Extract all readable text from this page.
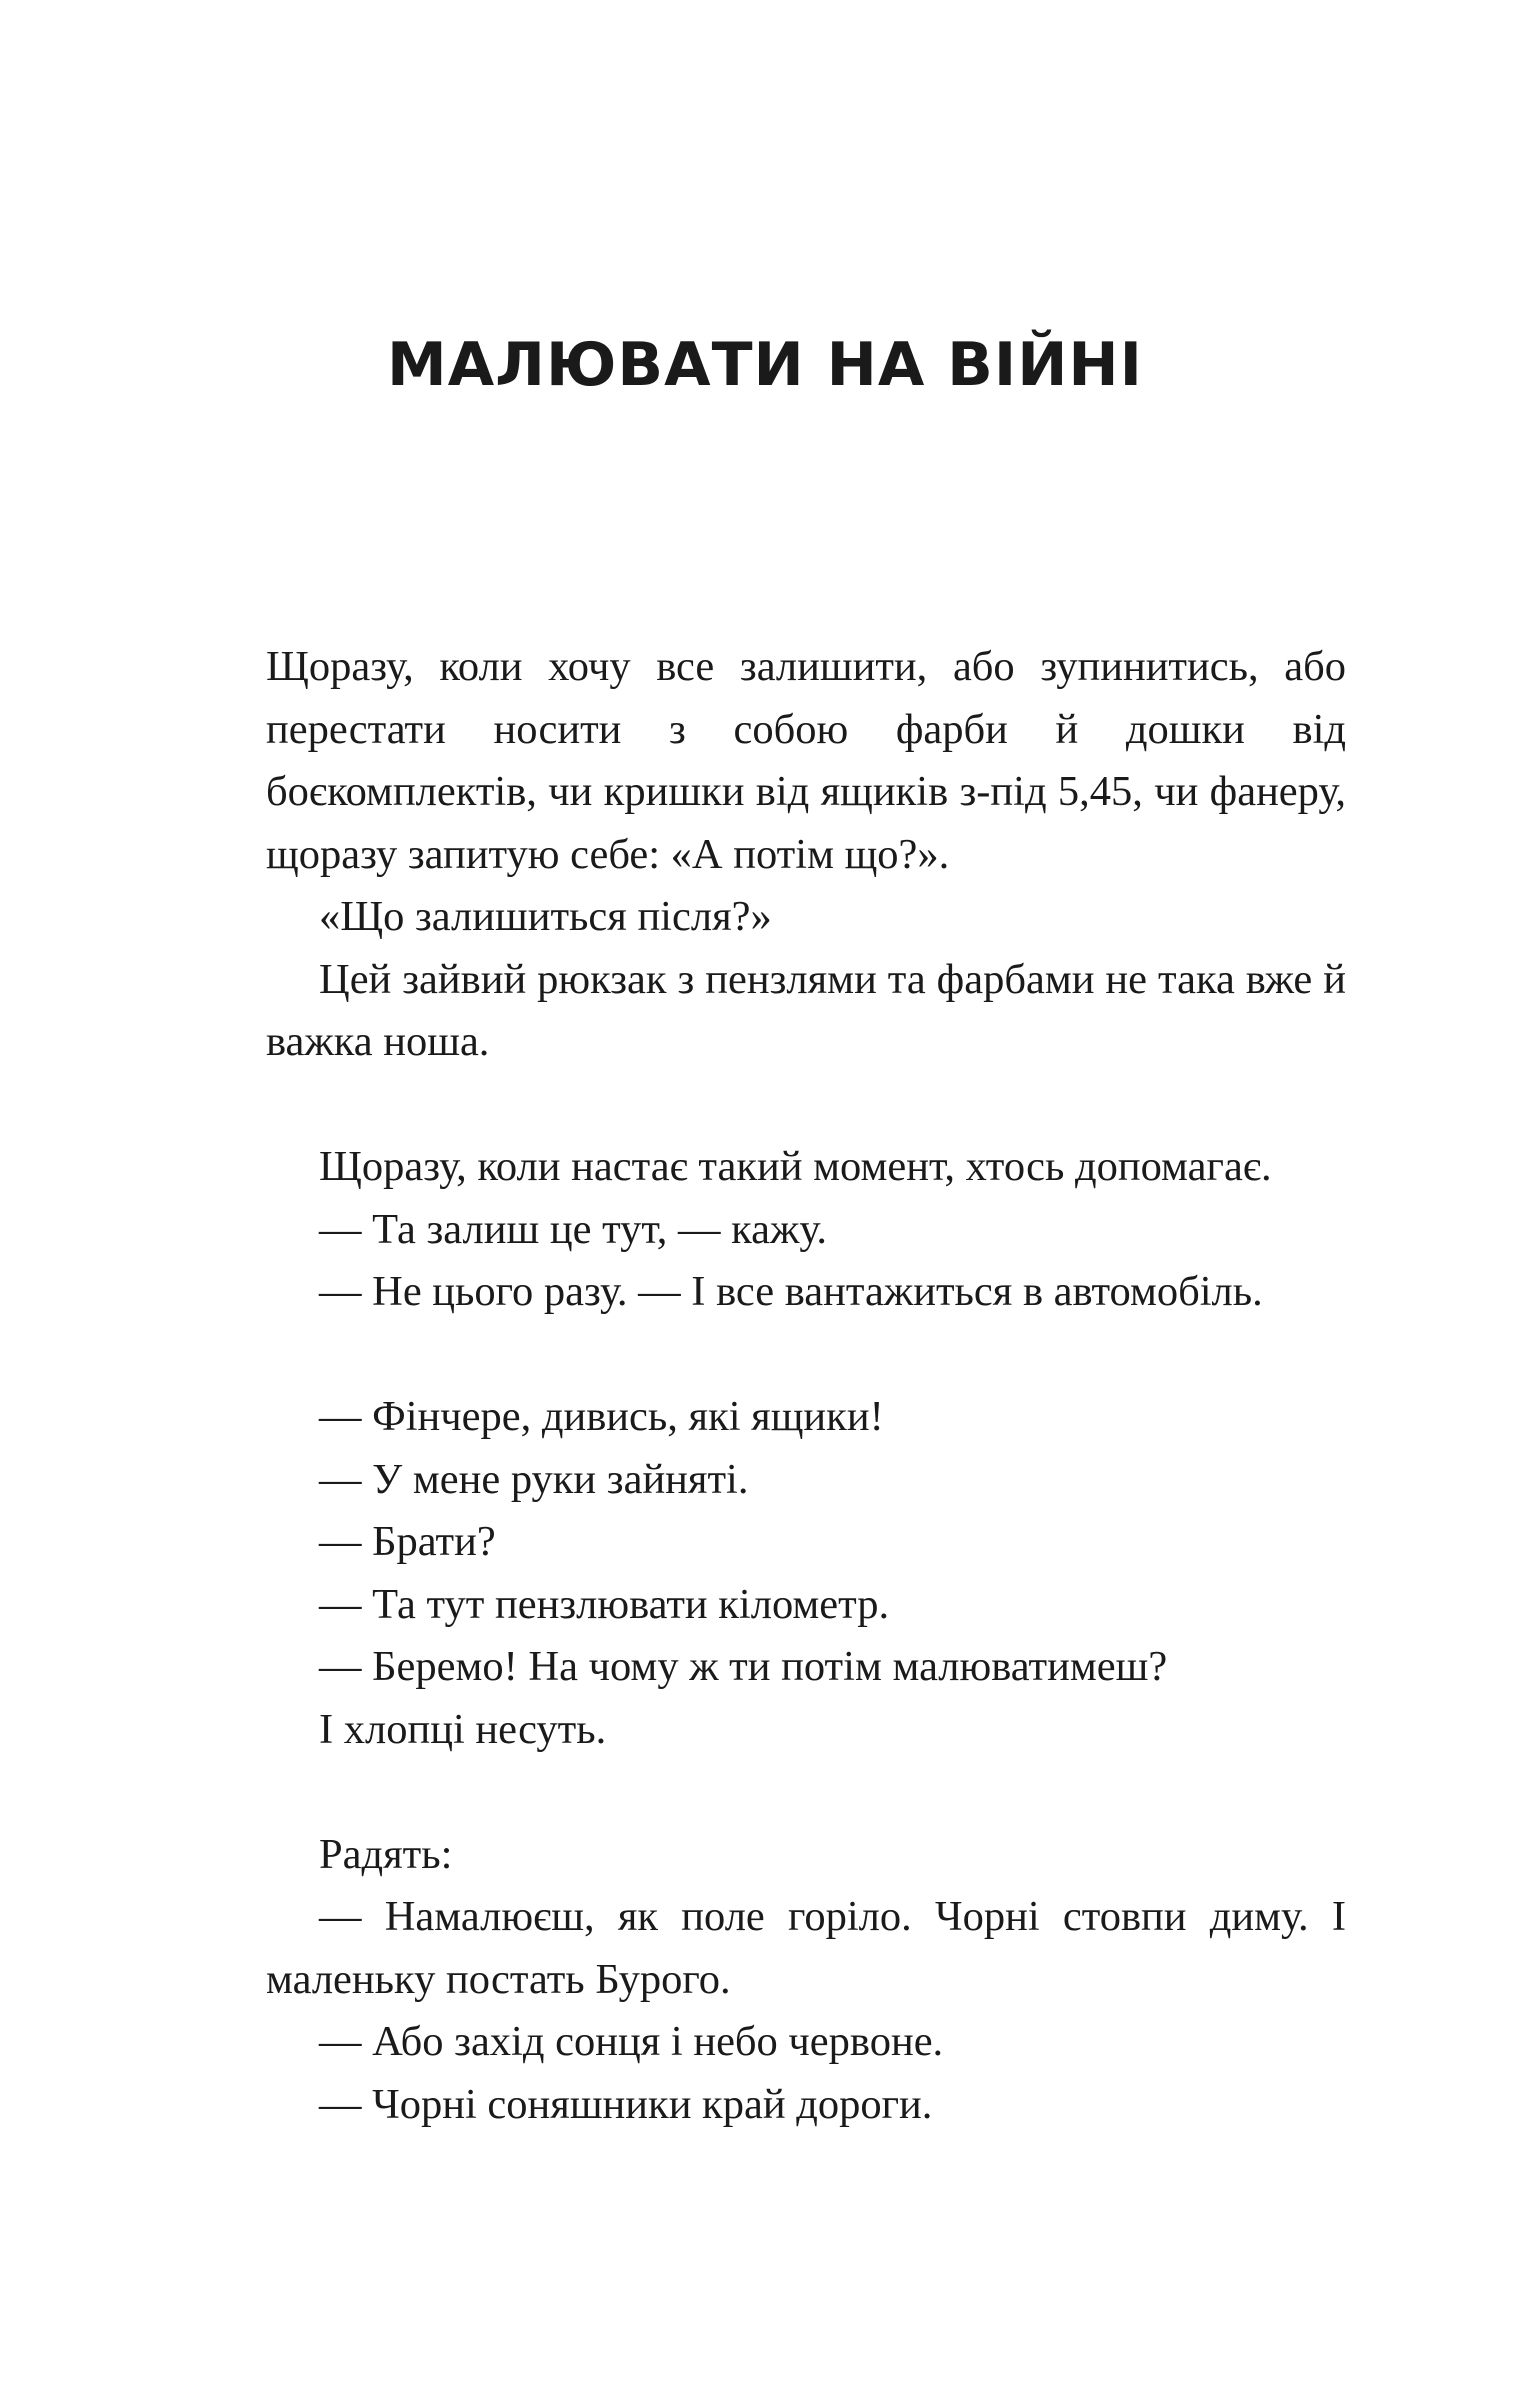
МАЛЮВАТИ НА ВІЙНІ

Щоразу, коли хочу все залишити, або зупинитись, або перестати носити з собою фарби й дошки від боєкомплектів, чи кришки від ящиків з-під 5,45, чи фанеру, щоразу запитую себе: «А потім що?».

«Що залишиться після?»

Цей зайвий рюкзак з пензлями та фарбами не така вже й важка ноша.

Щоразу, коли настає такий момент, хтось допомагає.

— Та залиш це тут, — кажу.

— Не цього разу. — І все вантажиться в автомобіль.

— Фінчере, дивись, які ящики!

— У мене руки зайняті.

— Брати?

— Та тут пензлювати кілометр.

— Беремо! На чому ж ти потім малюватимеш?

І хлопці несуть.

Радять:

— Намалюєш, як поле горіло. Чорні стовпи диму. І маленьку постать Бурого.

— Або захід сонця і небо червоне.

— Чорні соняшники край дороги.
